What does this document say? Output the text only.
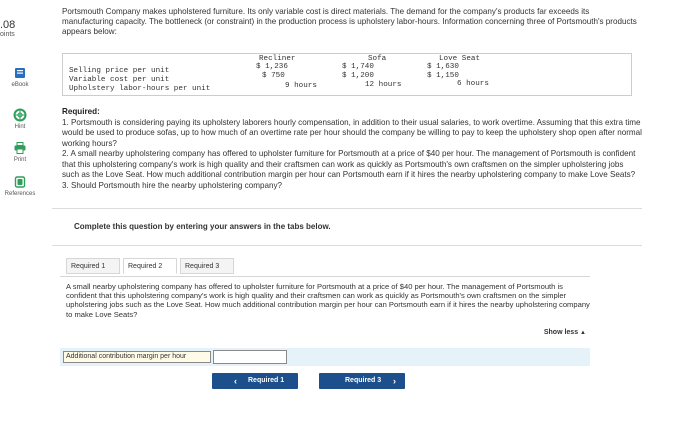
.08
oints
eBook
Hint
Print
References
Portsmouth Company makes upholstered furniture. Its only variable cost is direct materials. The demand for the company's products far exceeds its manufacturing capacity. The bottleneck (or constraint) in the production process is upholstery labor-hours. Information concerning three of Portsmouth's products appears below:
Recliner	Sofa	Love Seat
Selling price per unit	$ 1,236	$ 1,740	$ 1,630
Variable cost per unit	$ 750	$ 1,200	$ 1,150
Upholstery labor-hours per unit	9 hours	12 hours	6 hours
Required:
1. Portsmouth is considering paying its upholstery laborers hourly compensation, in addition to their usual salaries, to work overtime. Assuming that this extra time would be used to produce sofas, up to how much of an overtime rate per hour should the company be willing to pay to keep the upholstery shop open after normal working hours?
2. A small nearby upholstering company has offered to upholster furniture for Portsmouth at a price of $40 per hour. The management of Portsmouth is confident that this upholstering company's work is high quality and their craftsmen can work as quickly as Portsmouth's own craftsmen on the simpler upholstering jobs such as the Love Seat. How much additional contribution margin per hour can Portsmouth earn if it hires the nearby upholstering company to make Love Seats?
3. Should Portsmouth hire the nearby upholstering company?
Complete this question by entering your answers in the tabs below.
Required 1	Required 2	Required 3

A small nearby upholstering company has offered to upholster furniture for Portsmouth at a price of $40 per hour. The management of Portsmouth is confident that this upholstering company's work is high quality and their craftsmen can work as quickly as Portsmouth's own craftsmen on the simpler upholstering jobs such as the Love Seat. How much additional contribution margin per hour can Portsmouth earn if it hires the nearby upholstering company to make Love Seats?

Show less ▲
Additional contribution margin per hour
‹ Required 1	Required 3 ›
